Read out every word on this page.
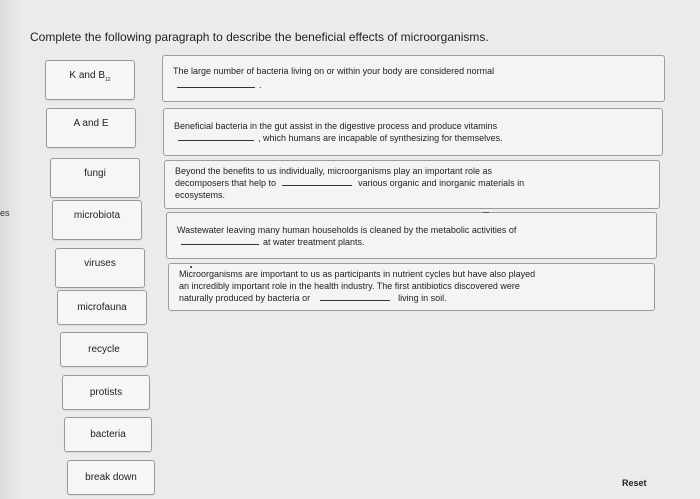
es
Complete the following paragraph to describe the beneficial effects of microorganisms.
K and $B_{12}$
A and E
fungi
microbiota
viruses
microfauna
recycle
protists
bacteria
break down
The large number of bacteria living on or within your body are considered normal
.
Beneficial bacteria in the gut assist in the digestive process and produce vitamins
, which humans are incapable of synthesizing for themselves.
Beyond the benefits to us individually, microorganisms play an important role as
decomposers that help to	various organic and inorganic materials in
ecosystems.
Wastewater leaving many human households is cleaned by the metabolic activities of
at water treatment plants.
Microorganisms are important to us as participants in nutrient cycles but have also played
an incredibly important role in the health industry. The first antibiotics discovered were
naturally produced by bacteria or	living in soil.
Reset
